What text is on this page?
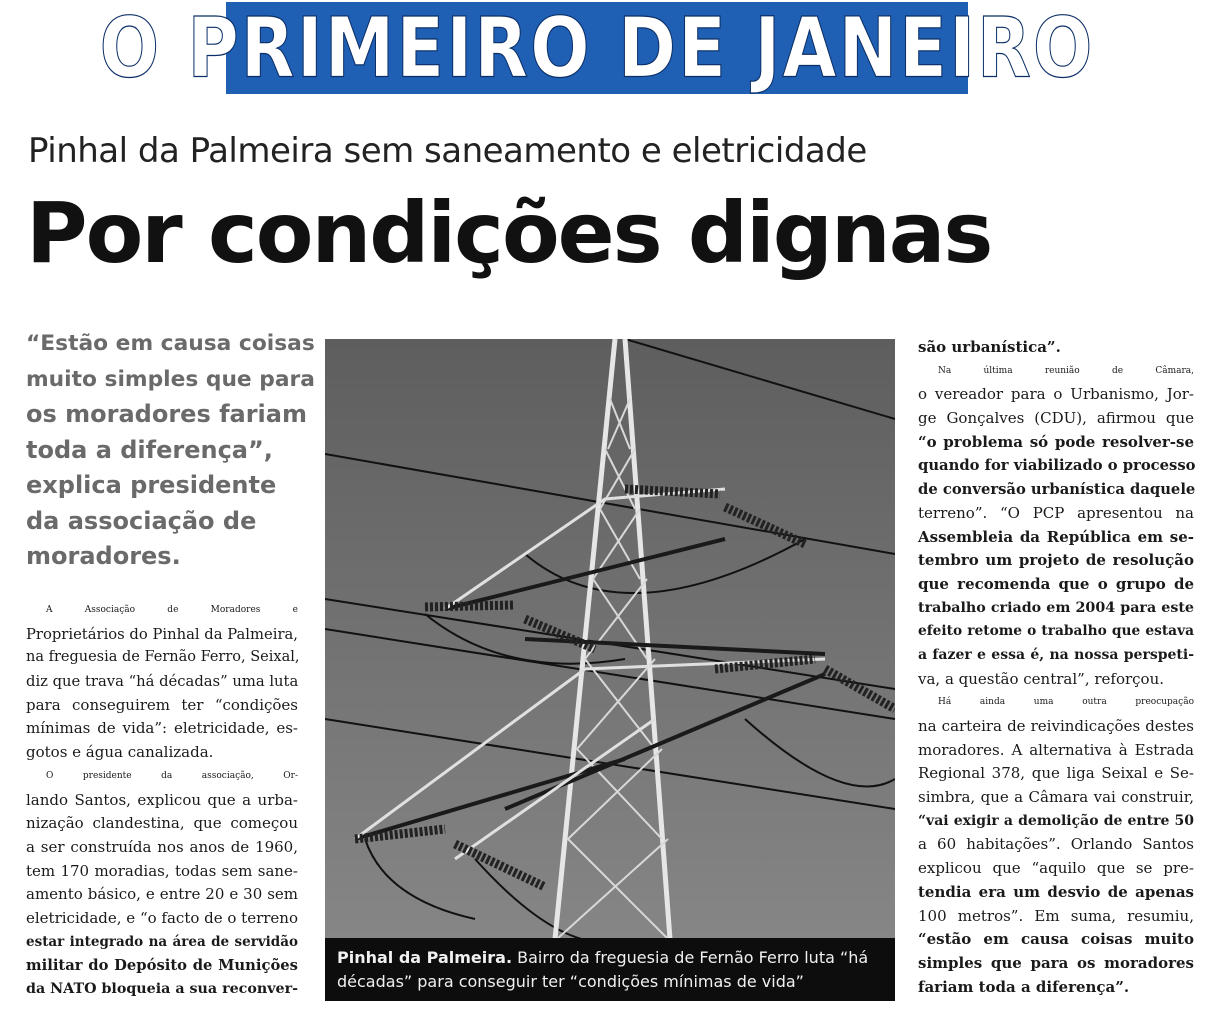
O PRIMEIRO DE JANEIRO
Pinhal da Palmeira sem saneamento e eletricidade
Por condições dignas
“Estão em causa coisas
muito simples que para
os moradores fariam
toda a diferença”,
explica presidente
da associação de
moradores.
A Associação de Moradores e
Proprietários do Pinhal da Palmeira,
na freguesia de Fernão Ferro, Seixal,
diz que trava “há décadas” uma luta
para conseguirem ter “condições
mínimas de vida”: eletricidade, es-
gotos e água canalizada.
O presidente da associação, Or-
lando Santos, explicou que a urba-
nização clandestina, que começou
a ser construída nos anos de 1960,
tem 170 moradias, todas sem sane-
amento básico, e entre 20 e 30 sem
eletricidade, e “o facto de o terreno
estar integrado na área de servidão
militar do Depósito de Munições
da NATO bloqueia a sua reconver-
Pinhal da Palmeira. Bairro da freguesia de Fernão Ferro luta “há décadas” para conseguir ter “condições mínimas de vida”
são urbanística”.
Na última reunião de Câmara,
o vereador para o Urbanismo, Jor-
ge Gonçalves (CDU), afirmou que
“o problema só pode resolver-se
quando for viabilizado o processo
de conversão urbanística daquele
terreno”. “O PCP apresentou na
Assembleia da República em se-
tembro um projeto de resolução
que recomenda que o grupo de
trabalho criado em 2004 para este
efeito retome o trabalho que estava
a fazer e essa é, na nossa perspeti-
va, a questão central”, reforçou.
Há ainda uma outra preocupação
na carteira de reivindicações destes
moradores. A alternativa à Estrada
Regional 378, que liga Seixal e Se-
simbra, que a Câmara vai construir,
“vai exigir a demolição de entre 50
a 60 habitações”. Orlando Santos
explicou que “aquilo que se pre-
tendia era um desvio de apenas
100 metros”. Em suma, resumiu,
“estão em causa coisas muito
simples que para os moradores
fariam toda a diferença”.
